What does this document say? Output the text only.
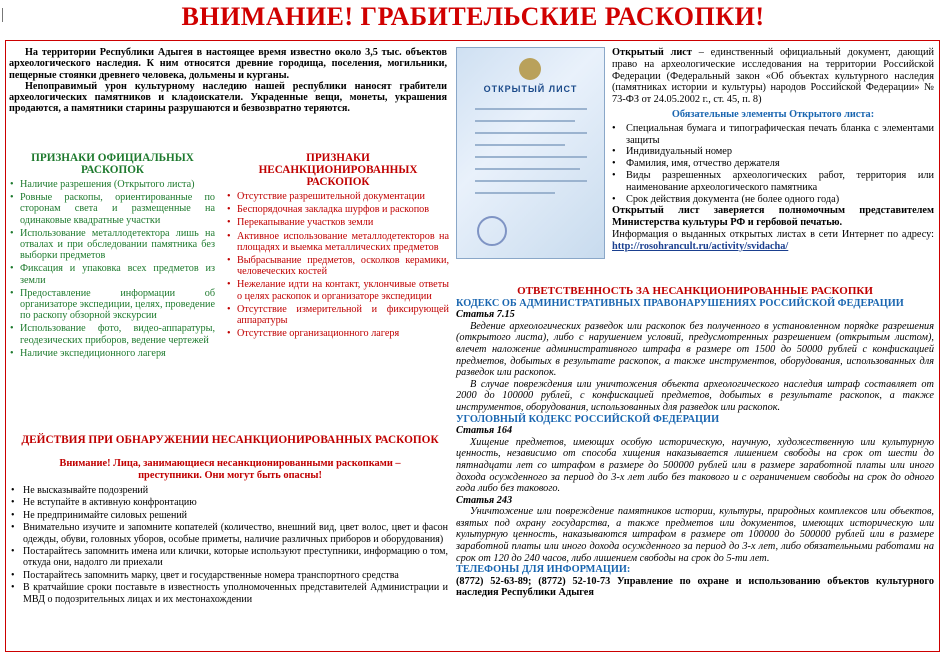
ВНИМАНИЕ! ГРАБИТЕЛЬСКИЕ РАСКОПКИ!

На территории Республики Адыгея в настоящее время известно около 3,5 тыс. объектов археологического наследия. К ним относятся древние городища, поселения, могильники, пещерные стоянки древнего человека, дольмены и курганы.

Непоправимый урон культурному наследию нашей республики наносят грабители археологических памятников и кладоискатели. Украденные вещи, монеты, украшения продаются, а памятники старины разрушаются и безвозвратно теряются.

ПРИЗНАКИ ОФИЦИАЛЬНЫХ РАСКОПОК
• Наличие разрешения (Открытого листа)
• Ровные раскопы, ориентированные по сторонам света и размещенные на одинаковые квадратные участки
• Использование металлодетектора лишь на отвалах и при обследовании памятника без выборки предметов
• Фиксация и упаковка всех предметов из земли
• Предоставление информации об организаторе экспедиции, целях, проведение по раскопу обзорной экскурсии
• Использование фото, видео-аппаратуры, геодезических приборов, ведение чертежей
• Наличие экспедиционного лагеря
ПРИЗНАКИ НЕСАНКЦИОНИРОВАННЫХ РАСКОПОК
• Отсутствие разрешительной документации
• Беспорядочная закладка шурфов и раскопов
• Перекапывание участков земли
• Активное использование металлодетекторов на площадях и выемка металлических предметов
• Выбрасывание предметов, осколков керамики, человеческих костей
• Нежелание идти на контакт, уклончивые ответы о целях раскопок и организаторе экспедиции
• Отсутствие измерительной и фиксирующей аппаратуры
• Отсутствие организационного лагеря
ДЕЙСТВИЯ ПРИ ОБНАРУЖЕНИИ НЕСАНКЦИОНИРОВАННЫХ РАСКОПОК
Внимание! Лица, занимающиеся несанкционированными раскопками – преступники. Они могут быть опасны!
• Не высказывайте подозрений
• Не вступайте в активную конфронтацию
• Не предпринимайте силовых решений
• Внимательно изучите и запомните копателей (количество, внешний вид, цвет волос, цвет и фасон одежды, обуви, головных уборов, особые приметы, наличие различных приборов и оборудования)
• Постарайтесь запомнить имена или клички, которые используют преступники, информацию о том, откуда они, надолго ли приехали
• Постарайтесь запомнить марку, цвет и государственные номера транспортного средства
• В кратчайшие сроки поставьте в известность уполномоченных представителей Администрации и МВД о подозрительных лицах и их местонахождении
ОТКРЫТЫЙ ЛИСТ

Открытый лист – единственный официальный документ, дающий право на археологические исследования на территории Российской Федерации (Федеральный закон «Об объектах культурного наследия (памятниках истории и культуры) народов Российской Федерации» № 73-ФЗ от 24.05.2002 г., ст. 45, п. 8)

Обязательные элементы Открытого листа:

• Специальная бумага и типографическая печать бланка с элементами защиты
• Индивидуальный номер
• Фамилия, имя, отчество держателя
• Виды разрешенных археологических работ, территория или наименование археологического памятника
• Срок действия документа (не более одного года)

Открытый лист заверяется полномочным представителем Министерства культуры РФ и гербовой печатью.

Информация о выданных открытых листах в сети Интернет по адресу: http://rosohrancult.ru/activity/svidacha/

ОТВЕТСТВЕННОСТЬ ЗА НЕСАНКЦИОНИРОВАННЫЕ РАСКОПКИ

КОДЕКС ОБ АДМИНИСТРАТИВНЫХ ПРАВОНАРУШЕНИЯХ РОССИЙСКОЙ ФЕДЕРАЦИИ

Статья 7.15

Ведение археологических разведок или раскопок без полученного в установленном порядке разрешения (открытого листа), либо с нарушением условий, предусмотренных разрешением (открытым листом), влечет наложение административного штрафа в размере от 1500 до 50000 рублей с конфискацией предметов, добытых в результате раскопок, а также инструментов, оборудования, использованных для разведок или раскопок.

В случае повреждения или уничтожения объекта археологического наследия штраф составляет от 2000 до 100000 рублей, с конфискацией предметов, добытых в результате раскопок, а также инструментов, оборудования, использованных для разведок или раскопок.

УГОЛОВНЫЙ КОДЕКС РОССИЙСКОЙ ФЕДЕРАЦИИ

Статья 164

Хищение предметов, имеющих особую историческую, научную, художественную или культурную ценность, независимо от способа хищения наказывается лишением свободы на срок от шести до пятнадцати лет со штрафом в размере до 500000 рублей или в размере заработной платы или иного дохода осужденного за период до 3-х лет либо без такового и с ограничением свободы на срок до одного года либо без такового.

Статья 243

Уничтожение или повреждение памятников истории, культуры, природных комплексов или объектов, взятых под охрану государства, а также предметов или документов, имеющих историческую или культурную ценность, наказываются штрафом в размере от 100000 до 500000 рублей или в размере заработной платы или иного дохода осужденного за период до 3-х лет, либо обязательными работами на срок от 120 до 240 часов, либо лишением свободы на срок до 5-ти лет.

ТЕЛЕФОНЫ ДЛЯ ИНФОРМАЦИИ:

(8772) 52-63-89; (8772) 52-10-73 Управление по охране и использованию объектов культурного наследия Республики Адыгея
